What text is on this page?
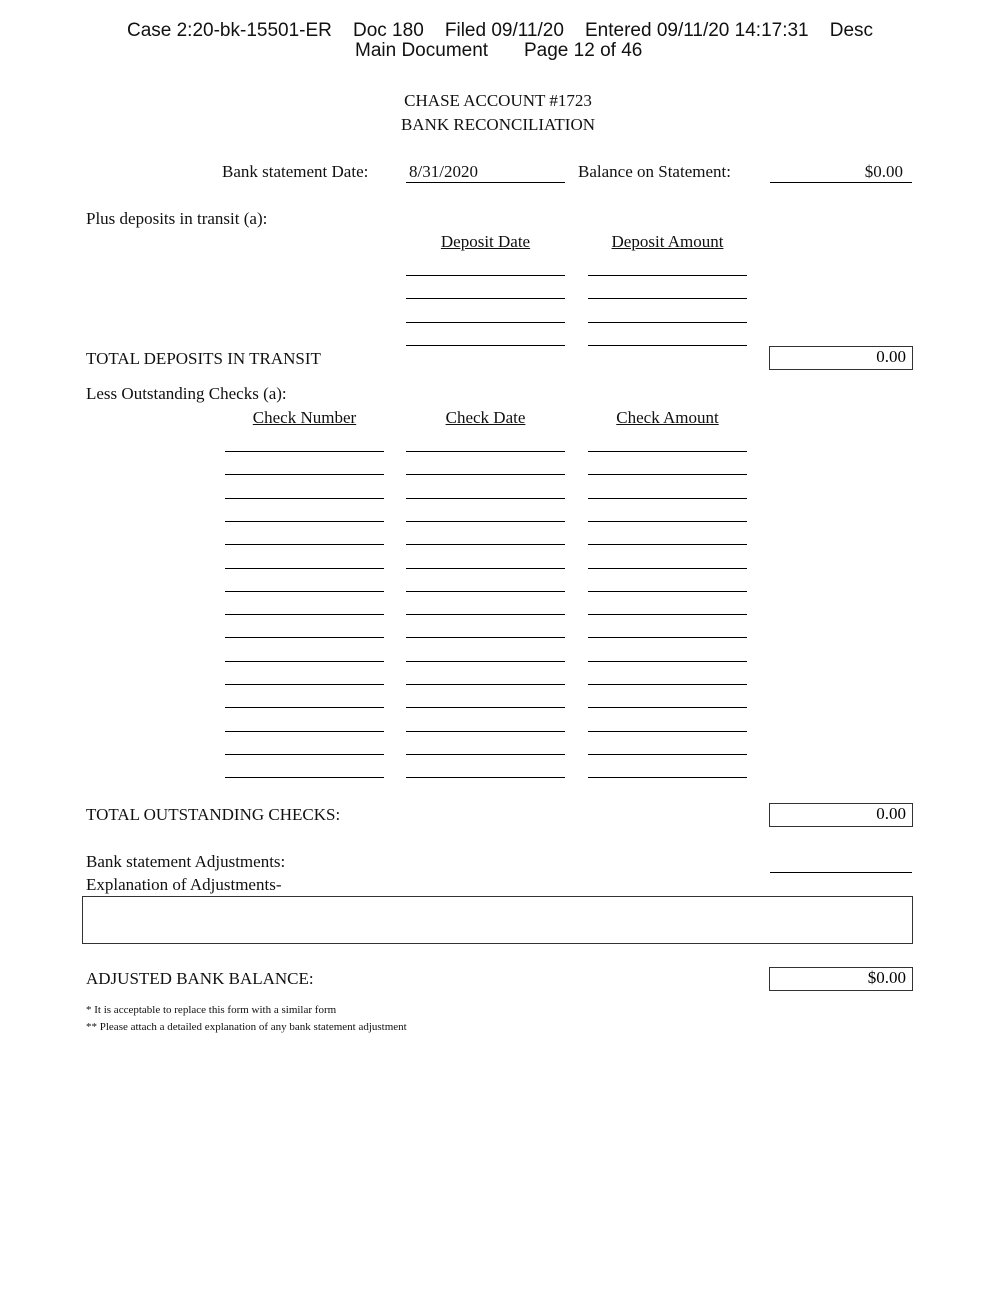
Case 2:20-bk-15501-ER    Doc 180    Filed 09/11/20    Entered 09/11/20 14:17:31    Desc
Main Document Page 12 of 46
CHASE ACCOUNT #1723
BANK RECONCILIATION
Bank statement Date: 8/31/2020	Balance on Statement:	$0.00
Plus deposits in transit (a):
Deposit Date	Deposit Amount
TOTAL DEPOSITS IN TRANSIT	0.00
Less Outstanding Checks (a):
Check Number	Check Date	Check Amount
TOTAL OUTSTANDING CHECKS:	0.00
Bank statement Adjustments:
Explanation of Adjustments-
ADJUSTED BANK BALANCE:	$0.00
* It is acceptable to replace this form with a similar form
** Please attach a detailed explanation of any bank statement adjustment
